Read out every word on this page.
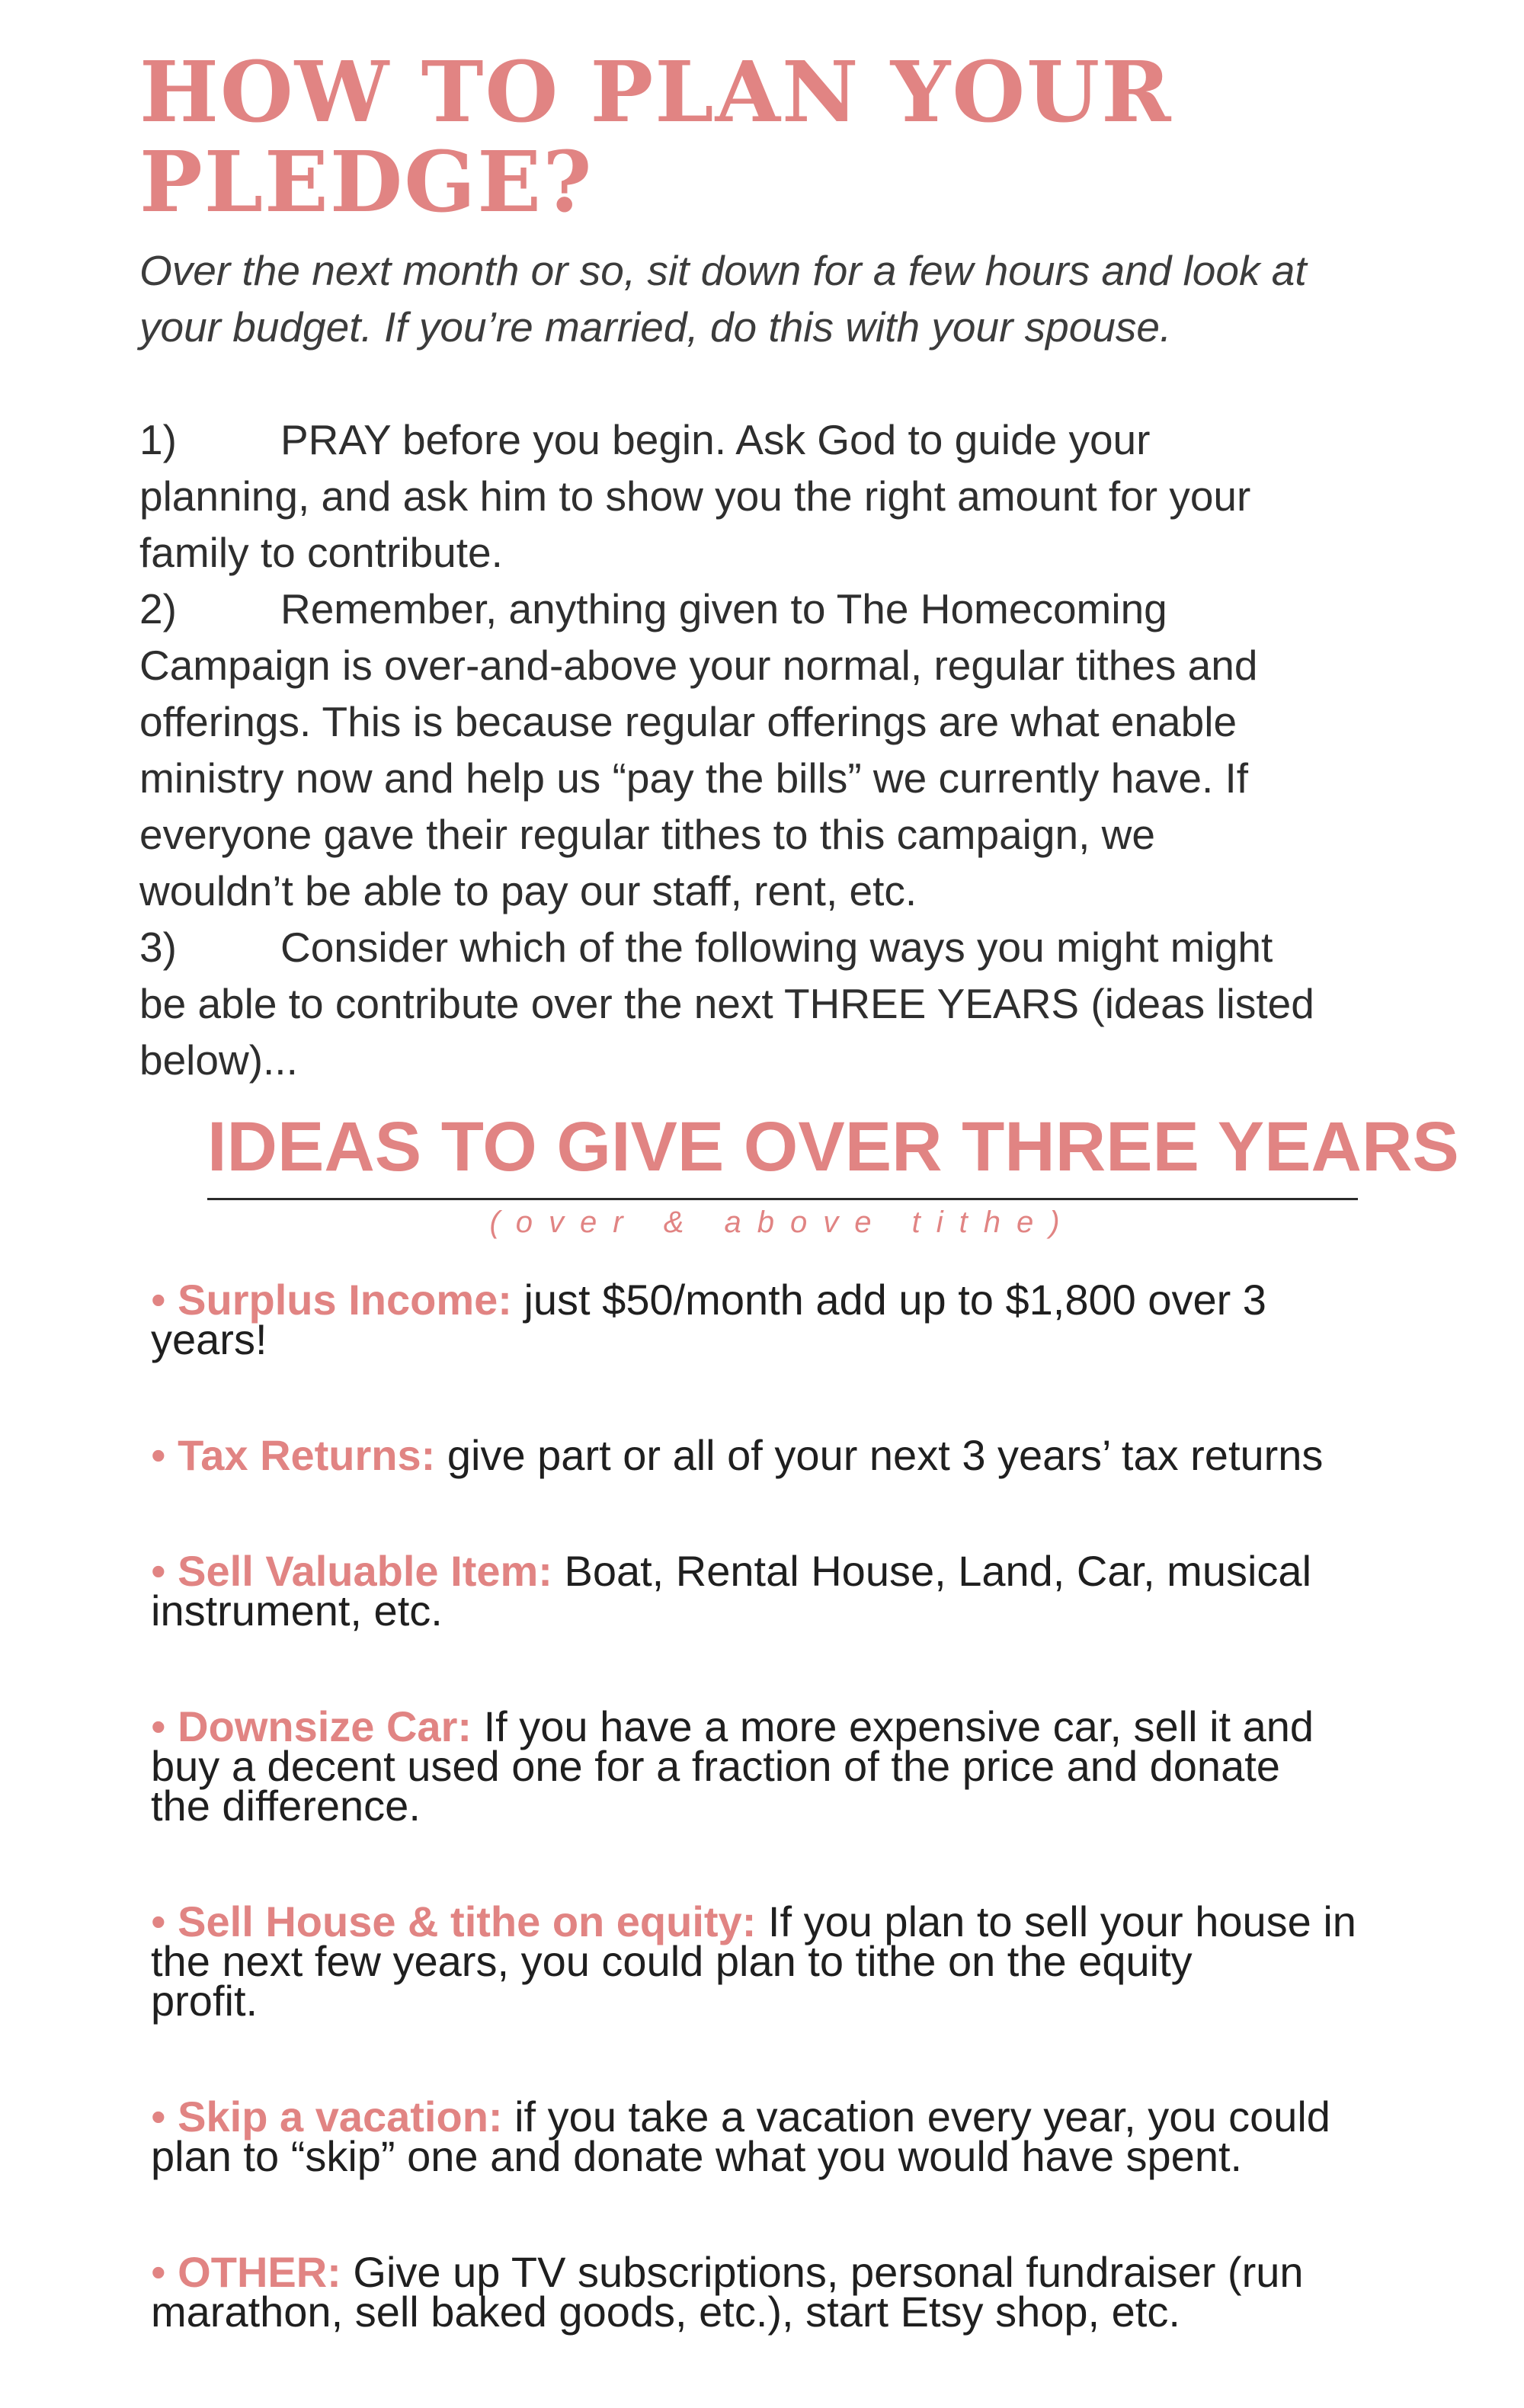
HOW TO PLAN YOUR
PLEDGE?
Over the next month or so, sit down for a few hours and look at
your budget. If you’re married, do this with your spouse.
1) PRAY before you begin. Ask God to guide your
planning, and ask him to show you the right amount for your
family to contribute.
2) Remember, anything given to The Homecoming
Campaign is over-and-above your normal, regular tithes and
offerings. This is because regular offerings are what enable
ministry now and help us “pay the bills” we currently have. If
everyone gave their regular tithes to this campaign, we
wouldn’t be able to pay our staff, rent, etc.
3) Consider which of the following ways you might might
be able to contribute over the next THREE YEARS (ideas listed
below)...
IDEAS TO GIVE OVER THREE YEARS
(over & above tithe)
• Surplus Income: just $50/month add up to $1,800 over 3
years!
• Tax Returns: give part or all of your next 3 years’ tax returns
• Sell Valuable Item: Boat, Rental House, Land, Car, musical
instrument, etc.
• Downsize Car: If you have a more expensive car, sell it and
buy a decent used one for a fraction of the price and donate
the difference.
• Sell House & tithe on equity: If you plan to sell your house in
the next few years, you could plan to tithe on the equity
profit.
• Skip a vacation: if you take a vacation every year, you could
plan to “skip” one and donate what you would have spent.
• OTHER: Give up TV subscriptions, personal fundraiser (run
marathon, sell baked goods, etc.), start Etsy shop, etc.
